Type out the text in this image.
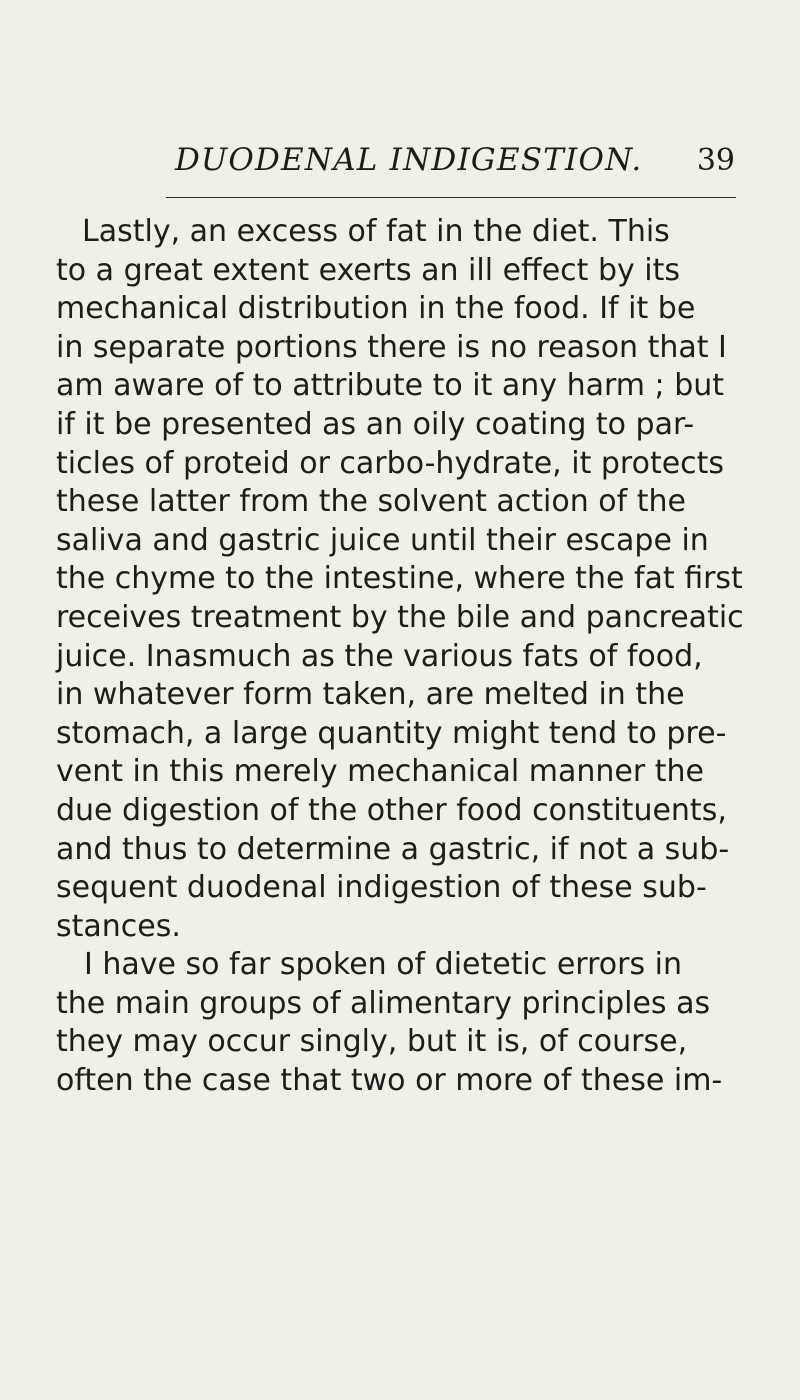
DUODENAL INDIGESTION. 39
Lastly, an excess of fat in the diet. This
to a great extent exerts an ill effect by its
mechanical distribution in the food. If it be
in separate portions there is no reason that I
am aware of to attribute to it any harm ; but
if it be presented as an oily coating to par-
ticles of proteid or carbo-hydrate, it protects
these latter from the solvent action of the
saliva and gastric juice until their escape in
the chyme to the intestine, where the fat first
receives treatment by the bile and pancreatic
juice. Inasmuch as the various fats of food,
in whatever form taken, are melted in the
stomach, a large quantity might tend to pre-
vent in this merely mechanical manner the
due digestion of the other food constituents,
and thus to determine a gastric, if not a sub-
sequent duodenal indigestion of these sub-
stances.
I have so far spoken of dietetic errors in
the main groups of alimentary principles as
they may occur singly, but it is, of course,
often the case that two or more of these im-
